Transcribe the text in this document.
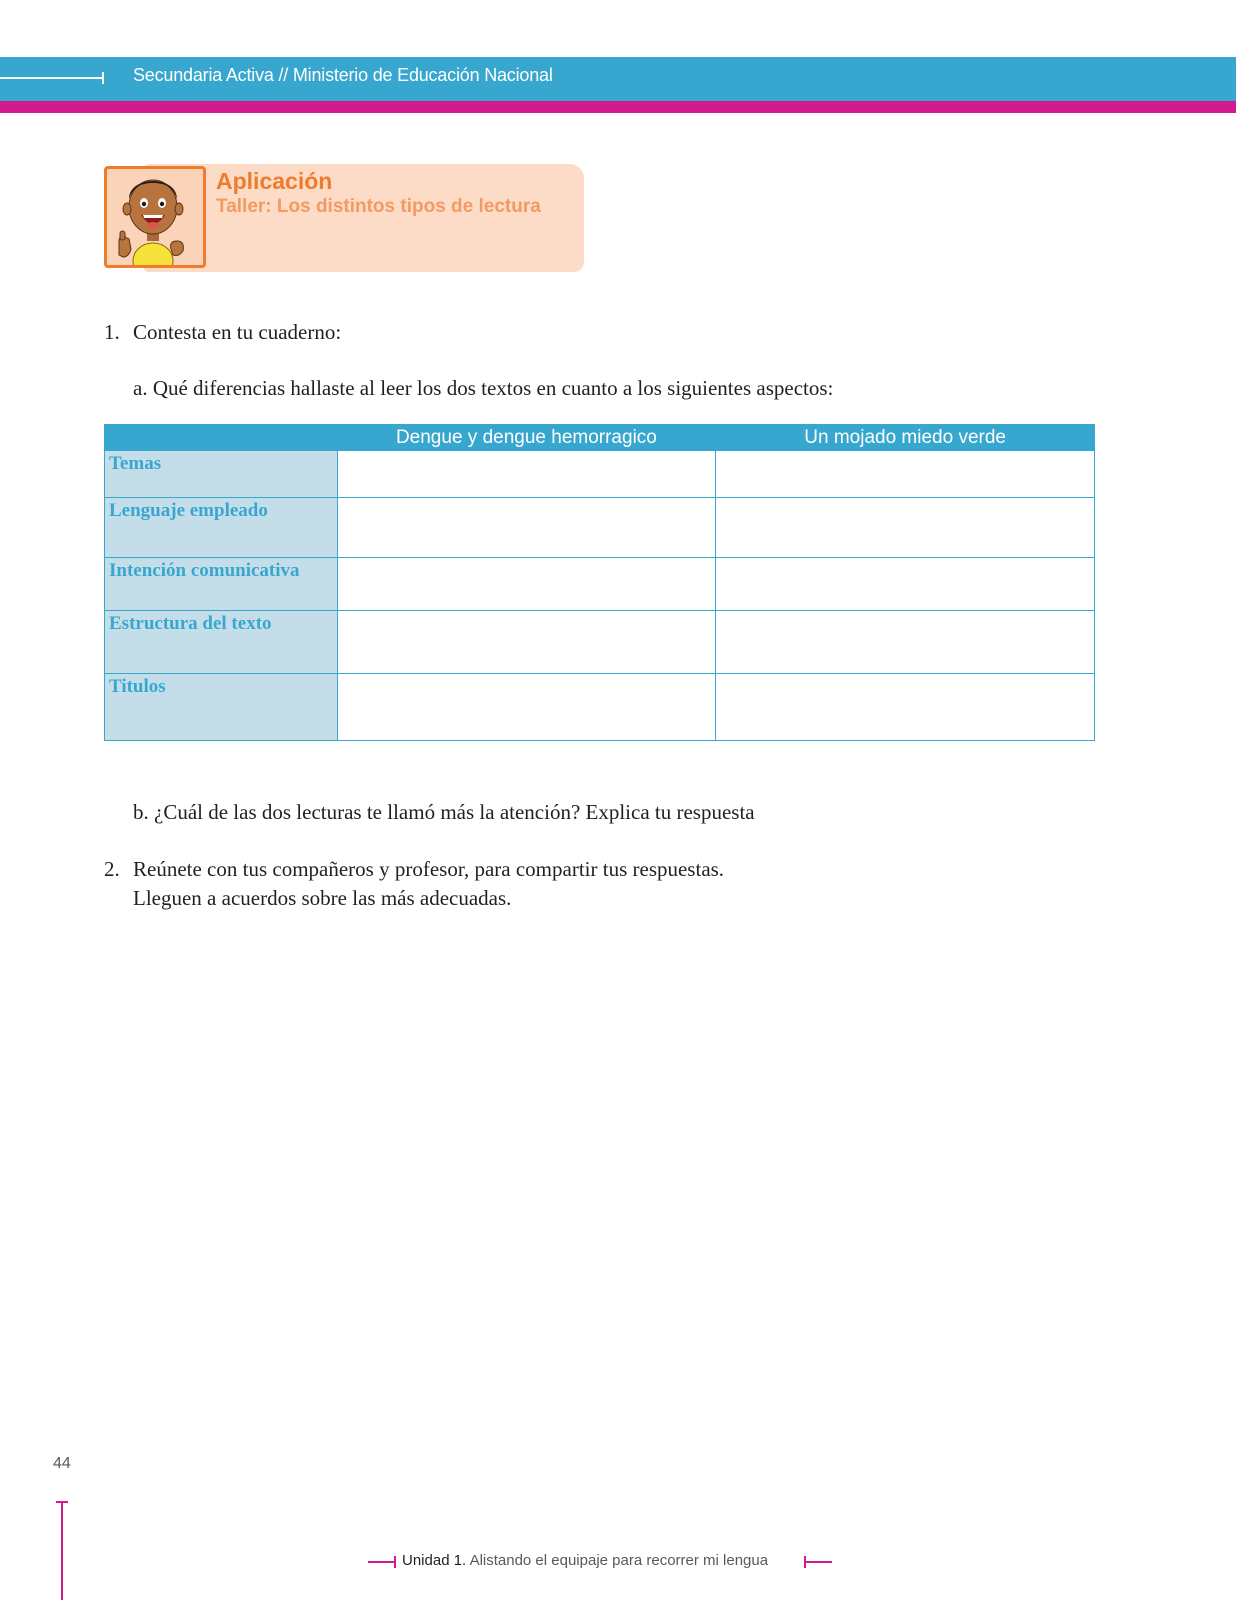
Secundaria Activa // Ministerio de Educación Nacional
Aplicación
Taller: Los distintos tipos de lectura
1. Contesta en tu cuaderno:
a. Qué diferencias hallaste al leer los dos textos en cuanto a los siguientes aspectos:
	Dengue y dengue hemorragico	Un mojado miedo verde
Temas		
Lenguaje empleado		
Intención comunicativa		
Estructura del texto		
Titulos		
b. ¿Cuál de las dos lecturas te llamó más la atención? Explica tu respuesta
2. Reúnete con tus compañeros y profesor, para compartir tus respuestas.
Lleguen a acuerdos sobre las más adecuadas.
44
Unidad 1. Alistando el equipaje para recorrer mi lengua
